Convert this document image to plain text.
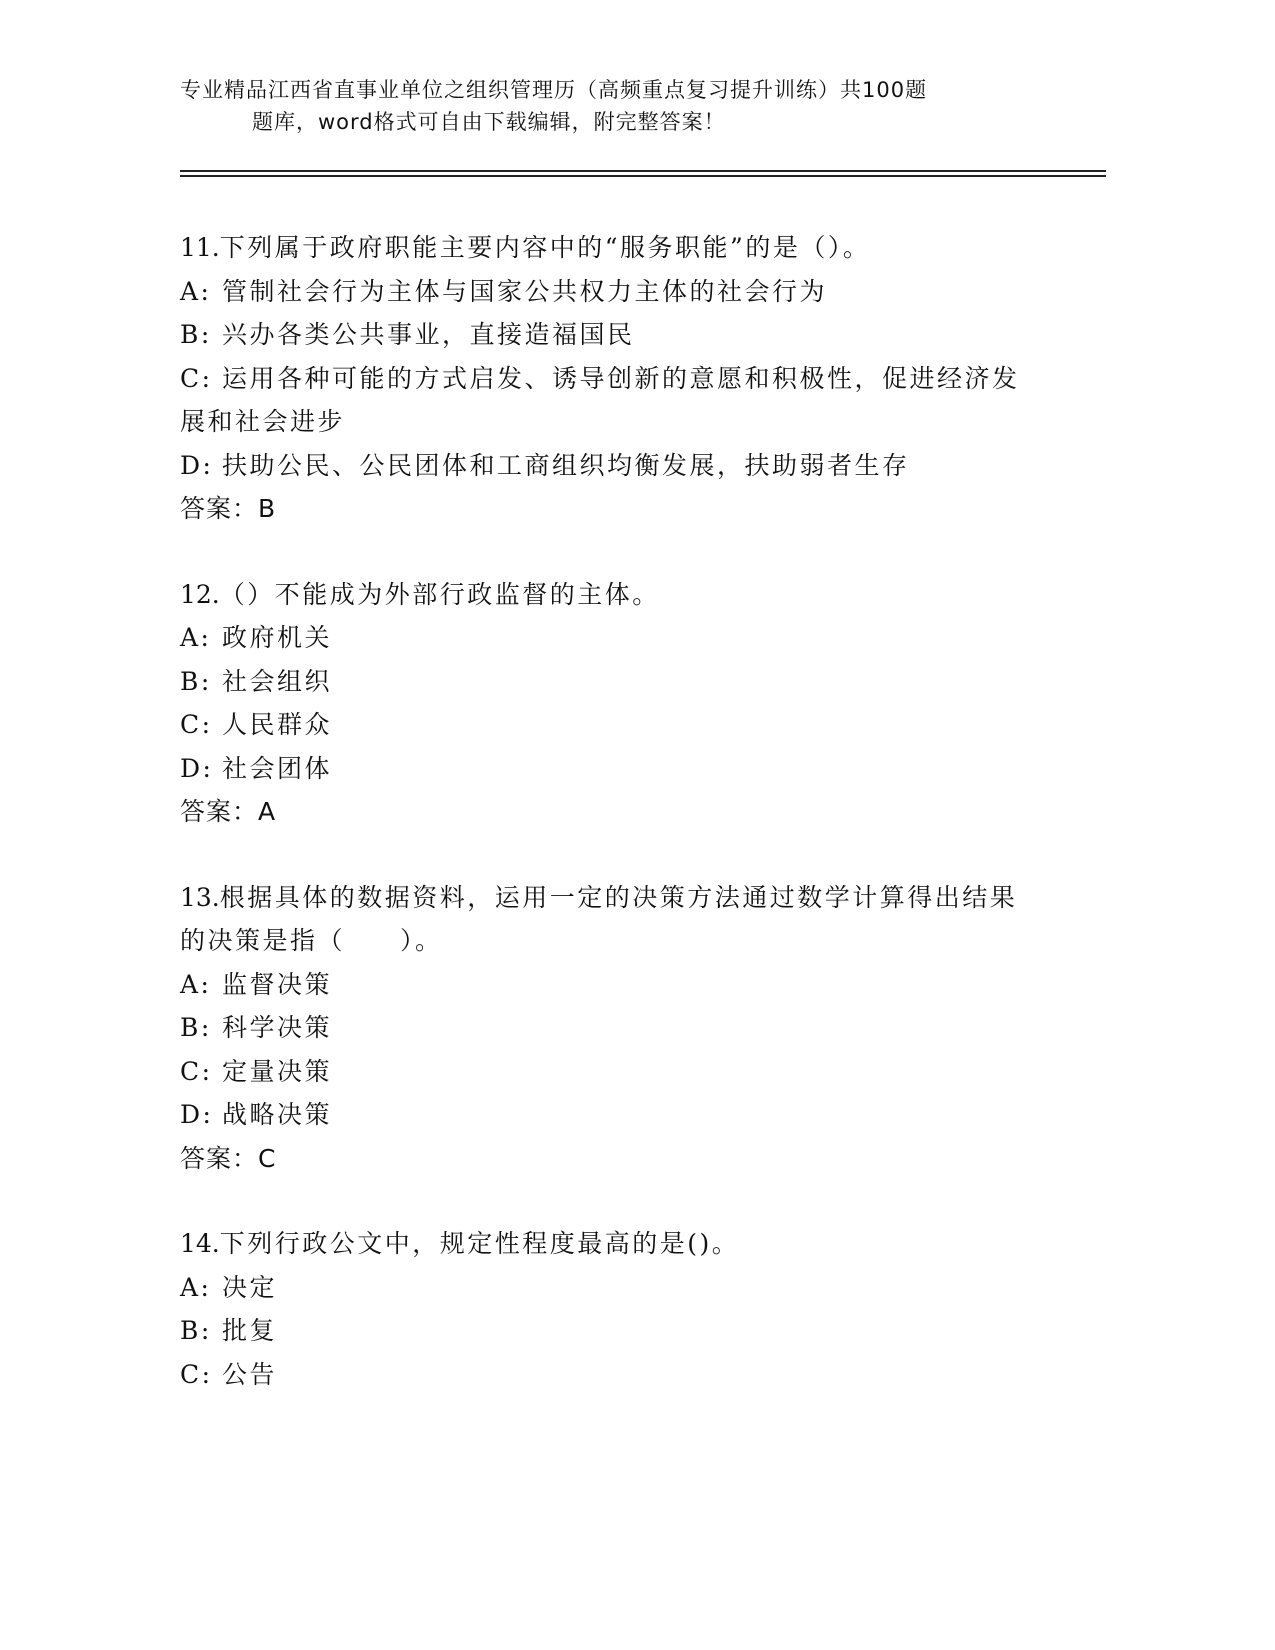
专业精品江西省直事业单位之组织管理历（高频重点复习提升训练）共100题
题库，word格式可自由下载编辑，附完整答案！
11.下列属于政府职能主要内容中的“服务职能”的是（）。
A: 管制社会行为主体与国家公共权力主体的社会行为
B: 兴办各类公共事业，直接造福国民
C: 运用各种可能的方式启发、诱导创新的意愿和积极性，促进经济发展和社会进步
D: 扶助公民、公民团体和工商组织均衡发展，扶助弱者生存
答案：B
12.（）不能成为外部行政监督的主体。
A: 政府机关
B: 社会组织
C: 人民群众
D: 社会团体
答案：A
13.根据具体的数据资料，运用一定的决策方法通过数学计算得出结果的决策是指（　　）。
A: 监督决策
B: 科学决策
C: 定量决策
D: 战略决策
答案：C
14.下列行政公文中，规定性程度最高的是()。
A: 决定
B: 批复
C: 公告
